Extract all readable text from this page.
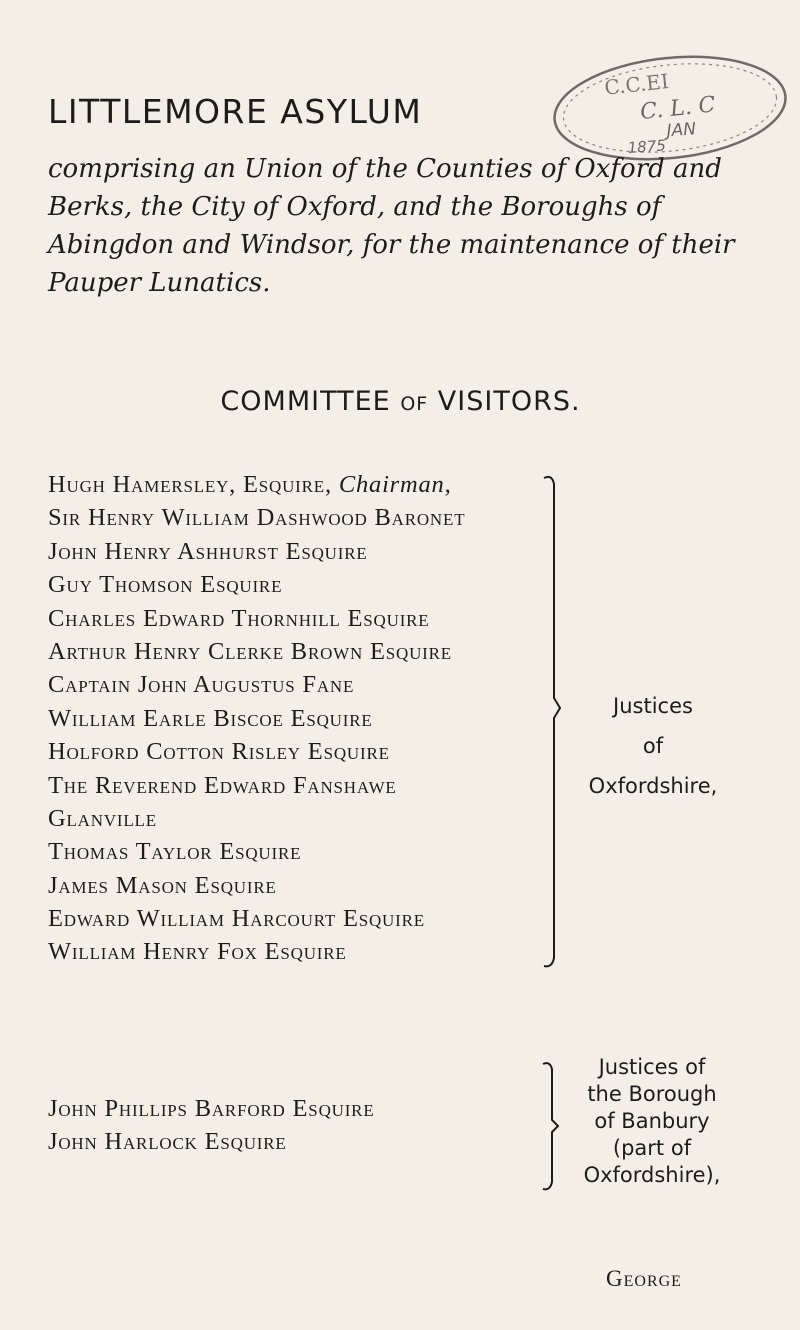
LITTLEMORE ASYLUM
C.C.EI
C. L. C
JAN
1875
comprising an Union of the Counties of Oxford and
Berks, the City of Oxford, and the Boroughs of
Abingdon and Windsor, for the maintenance of their
Pauper Lunatics.
COMMITTEE OF VISITORS.
Hugh Hamersley, Esquire, Chairman,
Sir Henry William Dashwood Baronet
John Henry Ashhurst Esquire
Guy Thomson Esquire
Charles Edward Thornhill Esquire
Arthur Henry Clerke Brown Esquire
Captain John Augustus Fane
William Earle Biscoe Esquire
Holford Cotton Risley Esquire
The Reverend Edward Fanshawe
Glanville
Thomas Taylor Esquire
James Mason Esquire
Edward William Harcourt Esquire
William Henry Fox Esquire
Justices
of
Oxfordshire,
John Phillips Barford Esquire
John Harlock Esquire
Justices of
the Borough
of Banbury
(part of
Oxfordshire),
George
